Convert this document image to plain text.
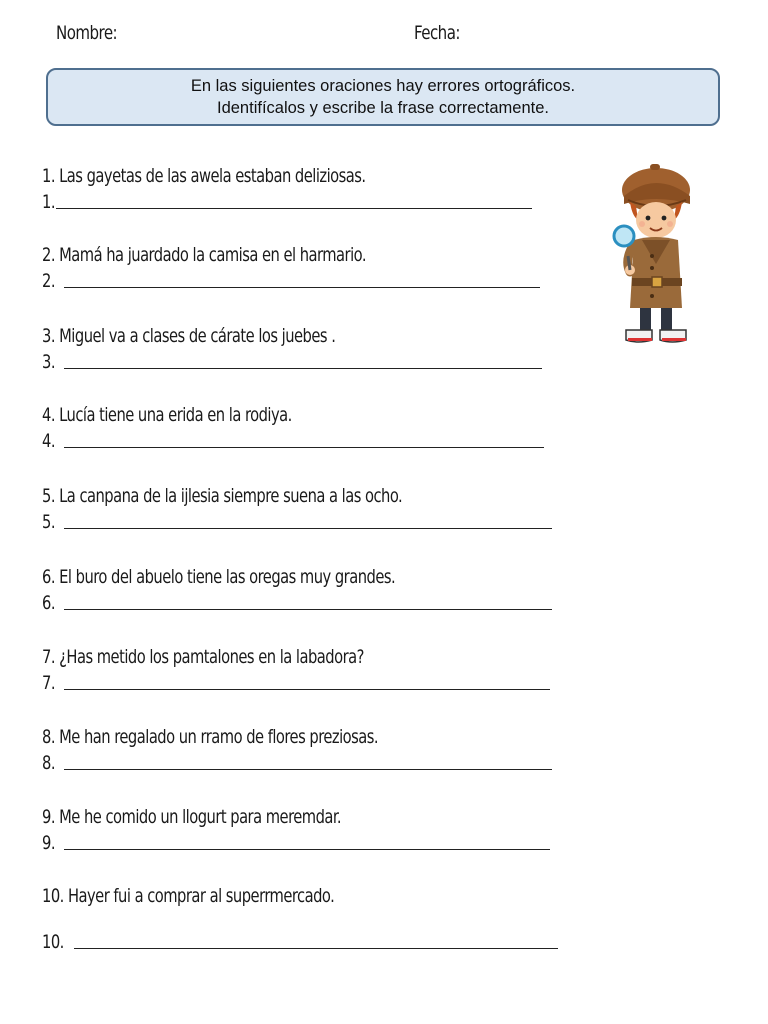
Nombre:	Fecha:
En las siguientes oraciones hay errores ortográficos.
Identifícalos y escribe la frase correctamente.
1. Las gayetas de las awela estaban deliziosas.
1.
2. Mamá ha juardado la camisa en el harmario.
2.
3. Miguel va a clases de cárate los juebes .
3.
4. Lucía tiene una erida en la rodiya.
4.
5. La canpana de la ijlesia siempre suena a las ocho.
5.
6. El buro del abuelo tiene las oregas muy grandes.
6.
7. ¿Has metido los pamtalones en la labadora?
7.
8. Me han regalado un rramo de flores preziosas.
8.
9. Me he comido un llogurt para meremdar.
9.
10. Hayer fui a comprar al superrmercado.
10.
